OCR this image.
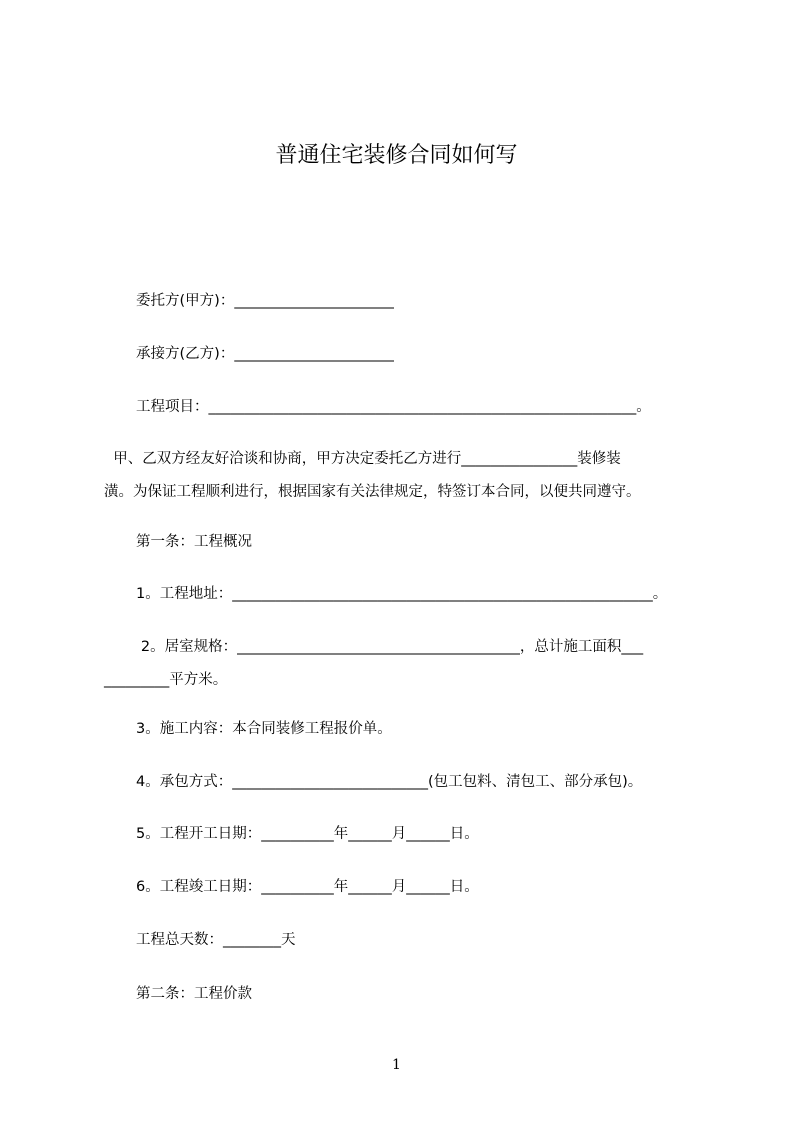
普通住宅装修合同如何写
委托方(甲方)：______________________
承接方(乙方)：______________________
工程项目：___________________________________________________________。

甲、乙双方经友好洽谈和协商，甲方决定委托乙方进行________________装修装

潢。为保证工程顺利进行，根据国家有关法律规定，特签订本合同，以便共同遵守。

第一条：工程概况
1。工程地址：__________________________________________________________。

2。居室规格：_______________________________________，总计施工面积___

_________平方米。

3。施工内容：本合同装修工程报价单。
4。承包方式：___________________________(包工包料、清包工、部分承包)。
5。工程开工日期：__________年______月______日。
6。工程竣工日期：__________年______月______日。
工程总天数：________天
第二条：工程价款
1
